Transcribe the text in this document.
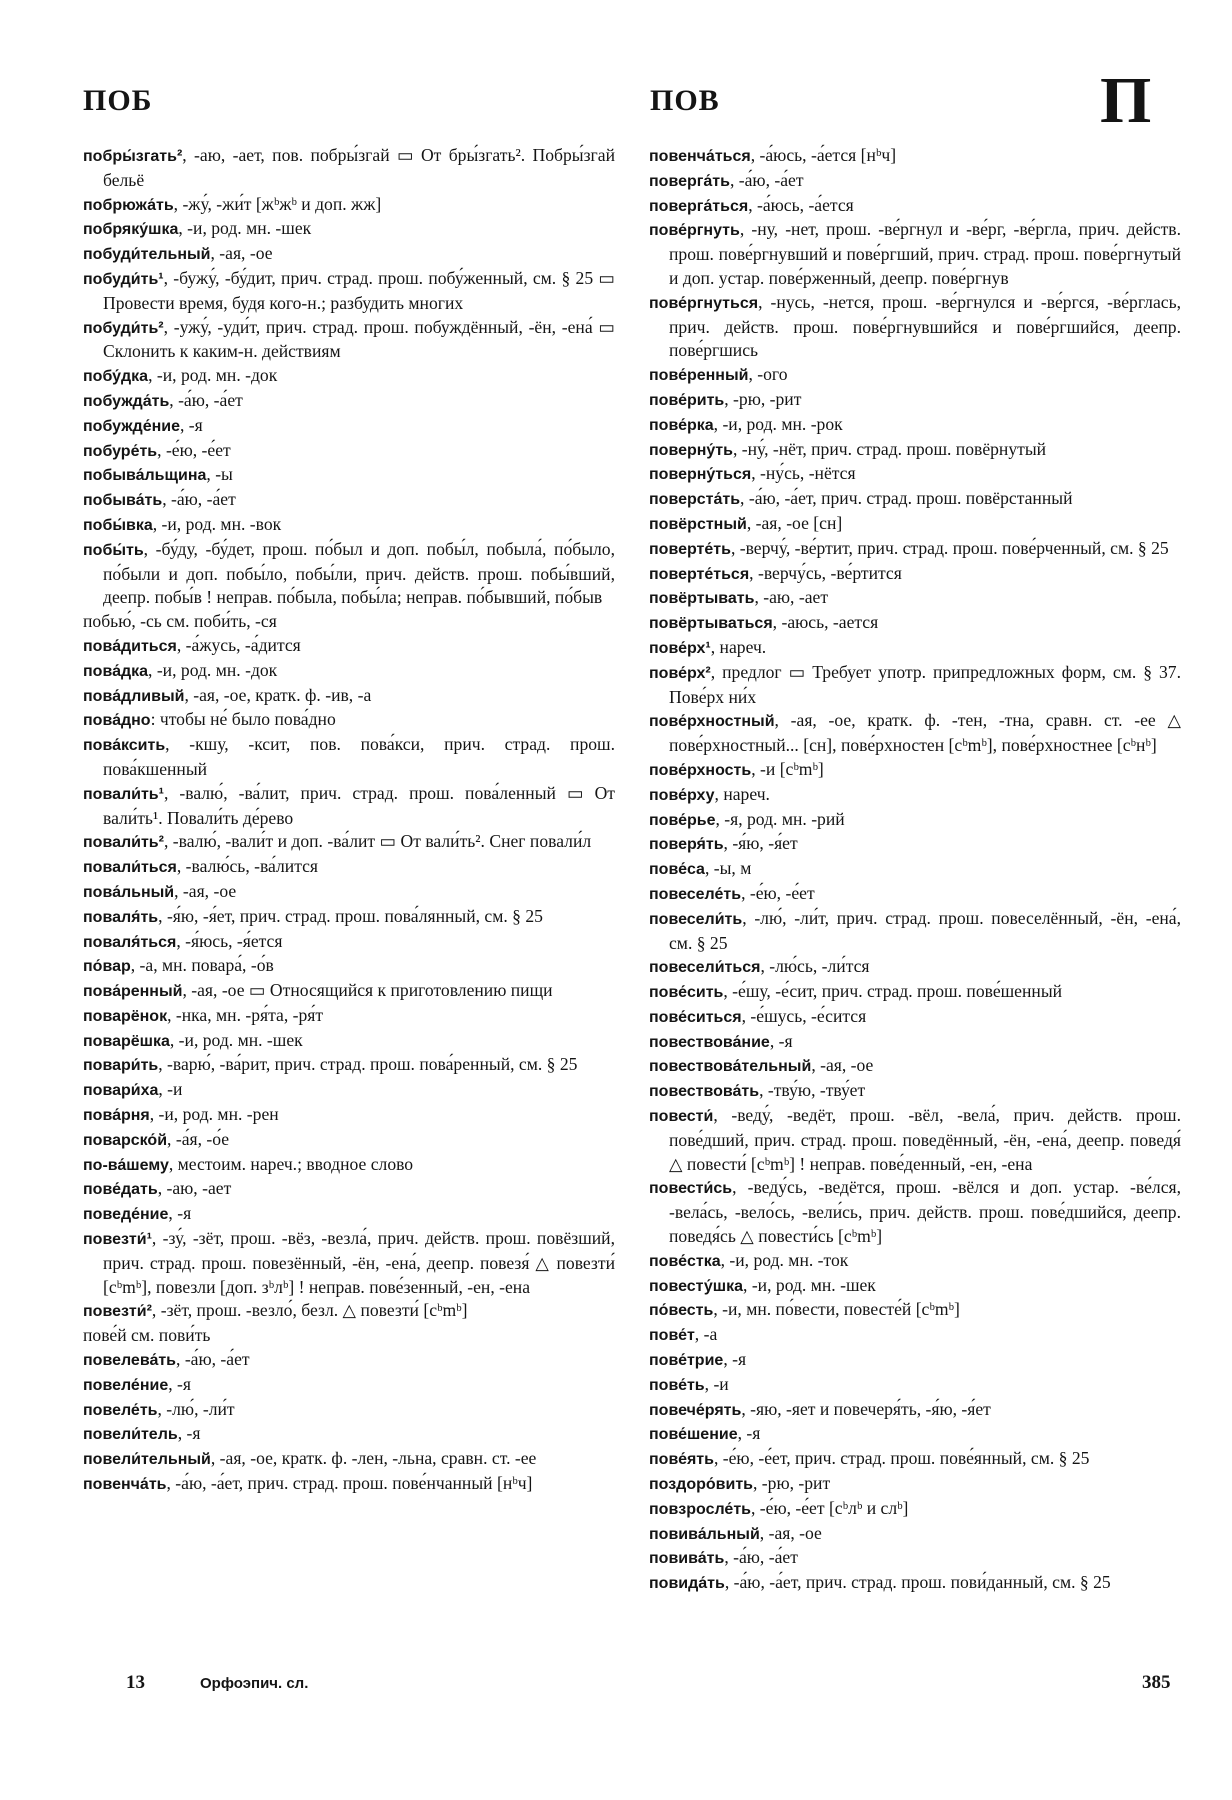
ПОБ	ПОВ	П

побры́згать², -аю, -ает, пов. побры́згай ▭ От бры́згать². Побры́згай бельё

побрюжа́ть, -жу́, -жи́т [жᵇжᵇ и доп. жж]

побряку́шка, -и, род. мн. -шек

побуди́тельный, -ая, -ое

побуди́ть¹, -бужу́, -бу́дит, прич. страд. прош. побу́женный, см. § 25 ▭ Провести время, будя кого-н.; разбудить многих

побуди́ть², -ужу́, -уди́т, прич. страд. прош. побуждённый, -ён, -ена́ ▭ Склонить к каким-н. действиям

побу́дка, -и, род. мн. -док

побужда́ть, -а́ю, -а́ет

побужде́ние, -я

побуре́ть, -е́ю, -е́ет

побыва́льщина, -ы

побыва́ть, -а́ю, -а́ет

побы́вка, -и, род. мн. -вок

побы́ть, -бу́ду, -бу́дет, прош. по́был и доп. побы́л, побыла́, по́было, по́были и доп. побы́ло, побы́ли, прич. действ. прош. побы́вший, деепр. побы́в ! неправ. по́была, побы́ла; неправ. по́бывший, по́быв

побью́, -сь см. поби́ть, -ся

пова́диться, -а́жусь, -а́дится

пова́дка, -и, род. мн. -док

пова́дливый, -ая, -ое, кратк. ф. -ив, -а

пова́дно: чтобы не́ было пова́дно

пова́ксить, -кшу, -ксит, пов. пова́кси, прич. страд. прош. пова́кшенный

повали́ть¹, -валю́, -ва́лит, прич. страд. прош. пова́ленный ▭ От вали́ть¹. Повали́ть де́рево

повали́ть², -валю́, -вали́т и доп. -ва́лит ▭ От вали́ть². Снег повали́л

повали́ться, -валю́сь, -ва́лится

пова́льный, -ая, -ое

поваля́ть, -я́ю, -я́ет, прич. страд. прош. пова́лянный, см. § 25

поваля́ться, -я́юсь, -я́ется

по́вар, -а, мн. повара́, -о́в

пова́ренный, -ая, -ое ▭ Относящийся к приготовлению пищи

поварёнок, -нка, мн. -ря́та, -ря́т

поварёшка, -и, род. мн. -шек

повари́ть, -варю́, -ва́рит, прич. страд. прош. пова́ренный, см. § 25

повари́ха, -и

пова́рня, -и, род. мн. -рен

поварско́й, -а́я, -о́е

по-ва́шему, местоим. нареч.; вводное слово

пове́дать, -аю, -ает

поведе́ние, -я

повезти́¹, -зу́, -зёт, прош. -вёз, -везла́, прич. действ. прош. повёзший, прич. страд. прош. повезённый, -ён, -ена́, деепр. повезя́ △ повезти́ [cᵇmᵇ], повезли [доп. зᵇлᵇ] ! неправ. пове́зенный, -ен, -ена

повезти́², -зёт, прош. -везло́, безл. △ повезти́ [cᵇmᵇ]

пове́й см. пови́ть

повелева́ть, -а́ю, -а́ет

повеле́ние, -я

повеле́ть, -лю́, -ли́т

повели́тель, -я

повели́тельный, -ая, -ое, кратк. ф. -лен, -льна, сравн. ст. -ее

повенча́ть, -а́ю, -а́ет, прич. страд. прош. пове́нчанный [нᵇч]

повенча́ться, -а́юсь, -а́ется [нᵇч]

поверга́ть, -а́ю, -а́ет

поверга́ться, -а́юсь, -а́ется

пове́ргнуть, -ну, -нет, прош. -ве́ргнул и -ве́рг, -ве́ргла, прич. действ. прош. пове́ргнувший и пове́ргший, прич. страд. прош. пове́ргнутый и доп. устар. пове́рженный, деепр. пове́ргнув

пове́ргнуться, -нусь, -нется, прош. -ве́ргнулся и -ве́ргся, -ве́рглась, прич. действ. прош. пове́ргнувшийся и пове́ргшийся, деепр. пове́ргшись

пове́ренный, -ого

пове́рить, -рю, -рит

пове́рка, -и, род. мн. -рок

поверну́ть, -ну́, -нёт, прич. страд. прош. повёрнутый

поверну́ться, -ну́сь, -нётся

поверста́ть, -а́ю, -а́ет, прич. страд. прош. повёрстанный

повёрстный, -ая, -ое [сн]

поверте́ть, -верчу́, -ве́ртит, прич. страд. прош. пове́рченный, см. § 25

поверте́ться, -верчу́сь, -ве́ртится

повёртывать, -аю, -ает

повёртываться, -аюсь, -ается

пове́рх¹, нареч.

пове́рх², предлог ▭ Требует употр. припредложных форм, см. § 37. Пове́рх ни́х

пове́рхностный, -ая, -ое, кратк. ф. -тен, -тна, сравн. ст. -ее △ пове́рхностный... [сн], пове́рхностен [cᵇmᵇ], пове́рхностнее [cᵇнᵇ]

пове́рхность, -и [cᵇmᵇ]

пове́рху, нареч.

пове́рье, -я, род. мн. -рий

поверя́ть, -я́ю, -я́ет

пове́са, -ы, м

повеселе́ть, -е́ю, -е́ет

повесели́ть, -лю́, -ли́т, прич. страд. прош. повеселённый, -ён, -ена́, см. § 25

повесели́ться, -лю́сь, -ли́тся

пове́сить, -е́шу, -е́сит, прич. страд. прош. пове́шенный

пове́ситься, -е́шусь, -е́сится

повествова́ние, -я

повествова́тельный, -ая, -ое

повествова́ть, -тву́ю, -тву́ет

повести́, -веду́, -ведёт, прош. -вёл, -вела́, прич. действ. прош. пове́дший, прич. страд. прош. поведённый, -ён, -ена́, деепр. поведя́ △ повести́ [cᵇmᵇ] ! неправ. пове́денный, -ен, -ена

повести́сь, -веду́сь, -ведётся, прош. -вёлся и доп. устар. -ве́лся, -вела́сь, -вело́сь, -вели́сь, прич. действ. прош. пове́дшийся, деепр. поведя́сь △ повести́сь [cᵇmᵇ]

пове́стка, -и, род. мн. -ток

повесту́шка, -и, род. мн. -шек

по́весть, -и, мн. по́вести, повесте́й [cᵇmᵇ]

пове́т, -а

пове́трие, -я

пове́ть, -и

повече́рять, -яю, -яет и повечеря́ть, -я́ю, -я́ет

пове́шение, -я

пове́ять, -е́ю, -е́ет, прич. страд. прош. пове́янный, см. § 25

поздоро́вить, -рю, -рит

повзросле́ть, -е́ю, -е́ет [cᵇлᵇ и слᵇ]

повива́льный, -ая, -ое

повива́ть, -а́ю, -а́ет

повида́ть, -а́ю, -а́ет, прич. страд. прош. пови́данный, см. § 25

13	Орфоэпич. сл.	385
